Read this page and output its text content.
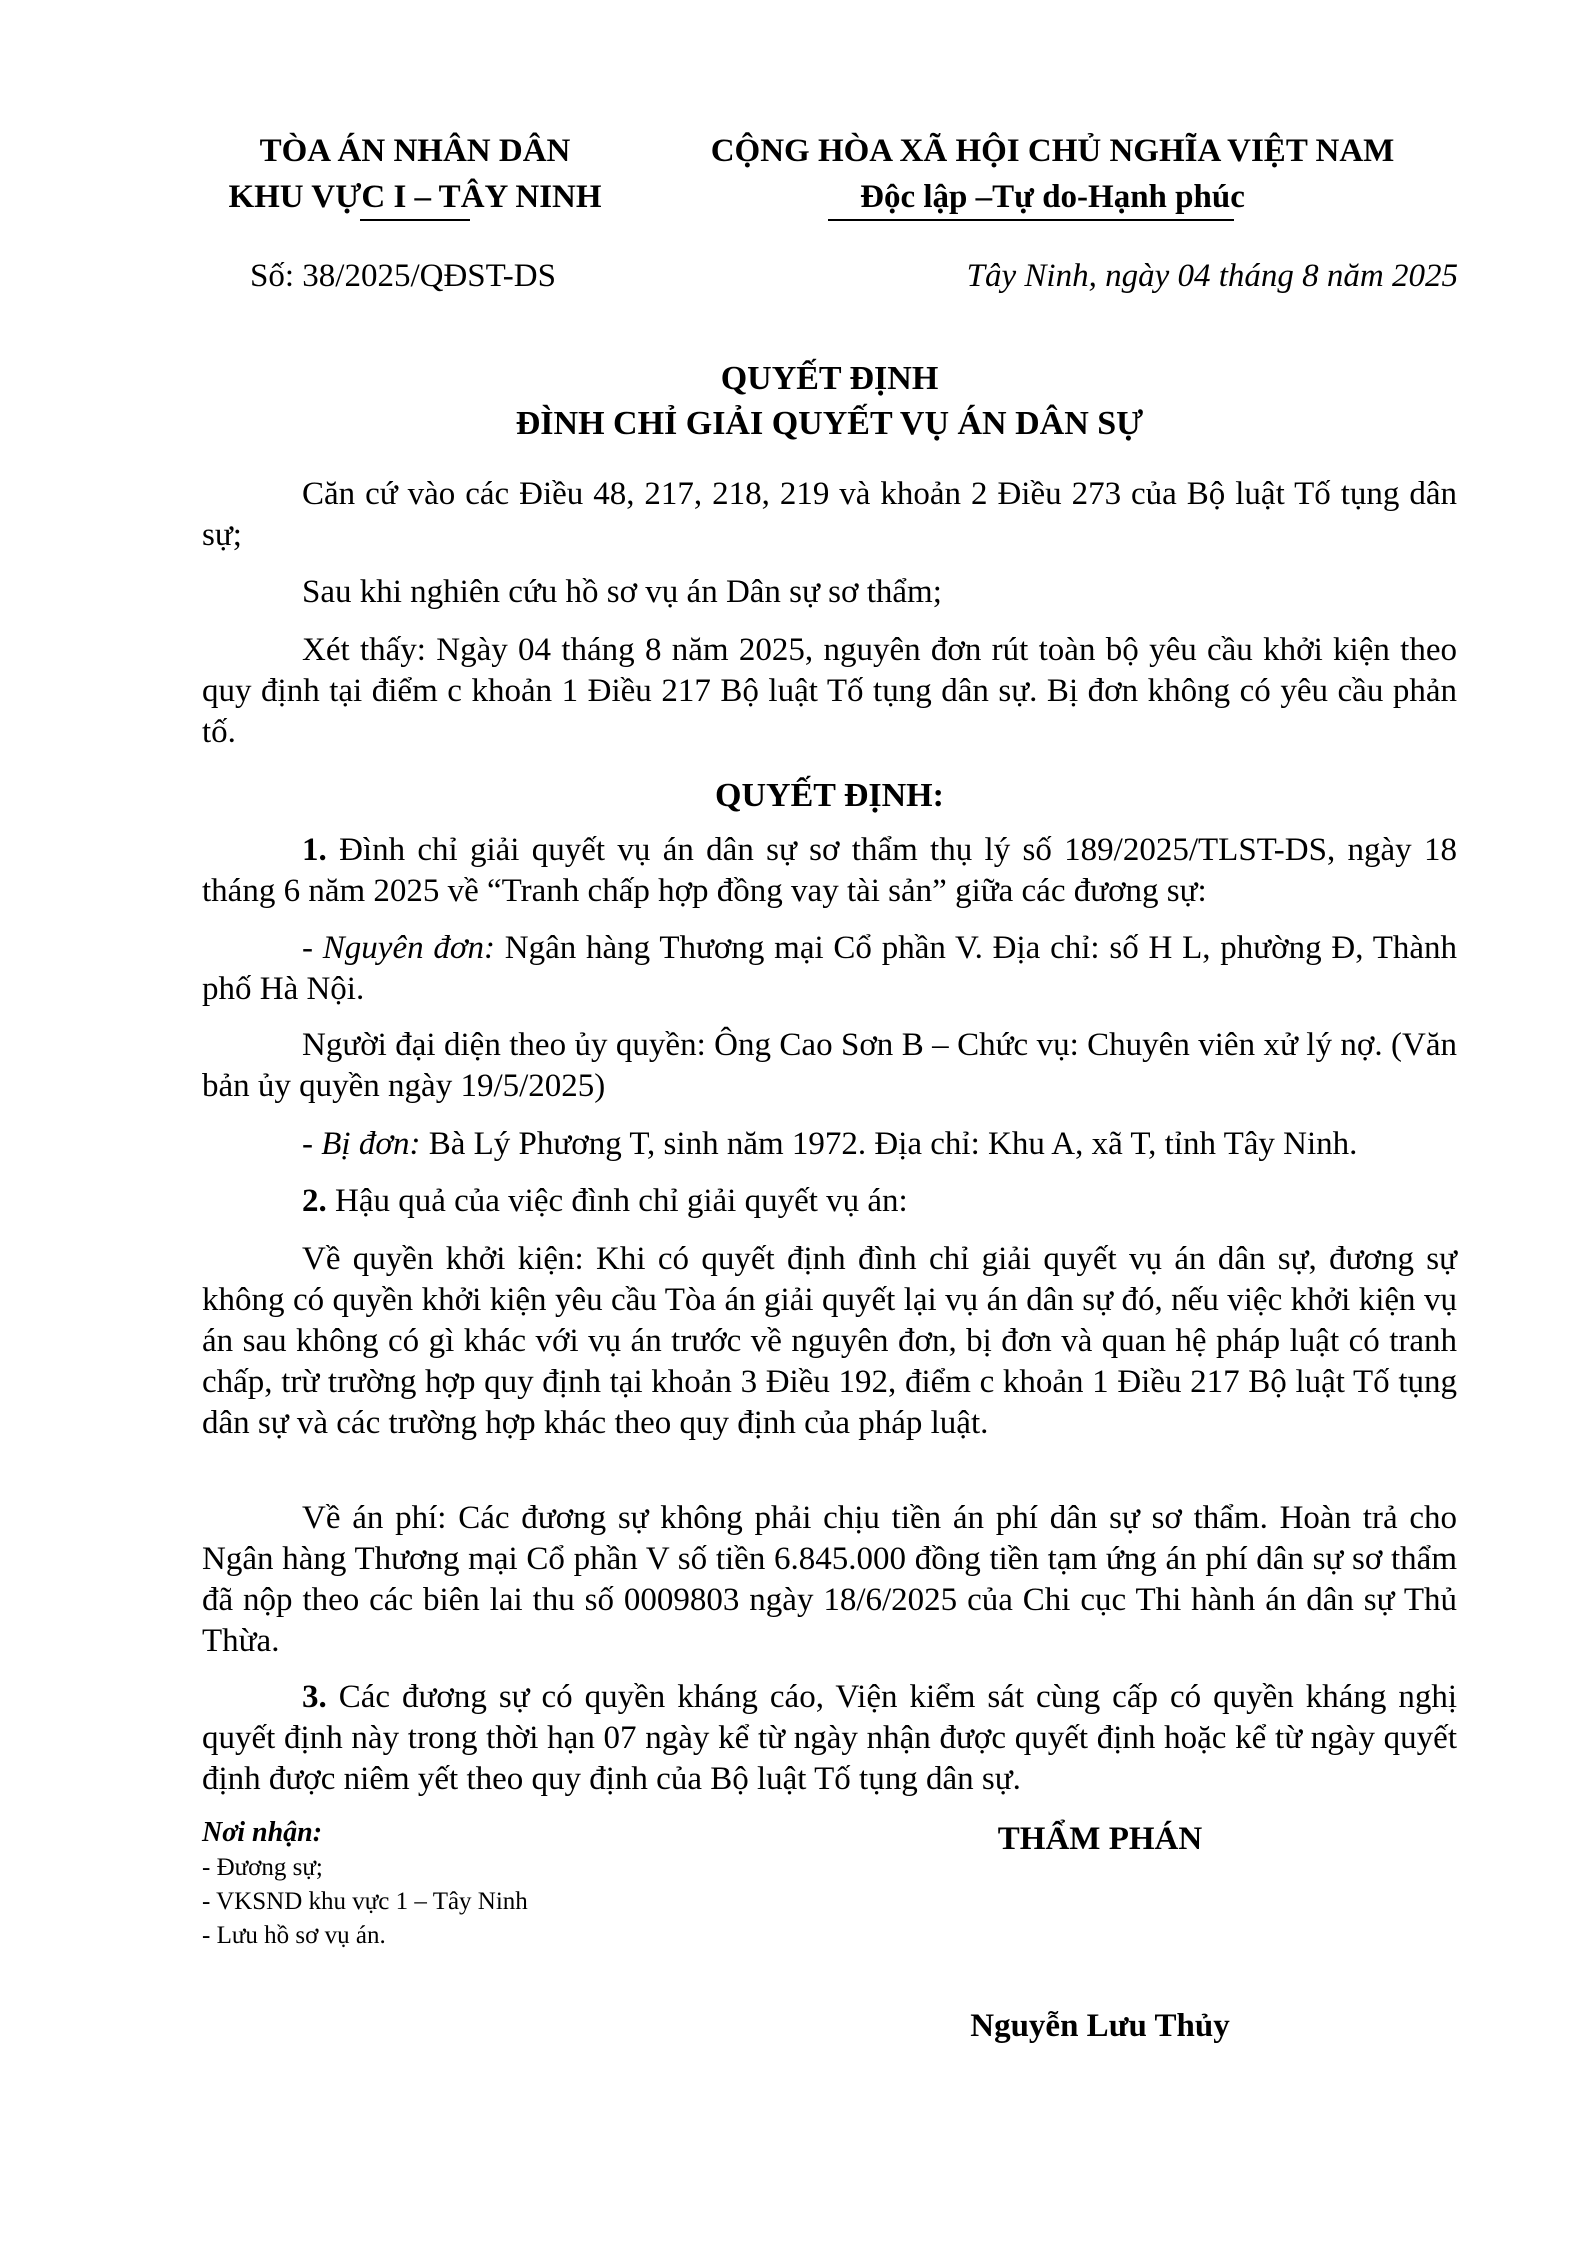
TÒA ÁN NHÂN DÂN
KHU VỰC I – TÂY NINH
CỘNG HÒA XÃ HỘI CHỦ NGHĨA VIỆT NAM
Độc lập –Tự do-Hạnh phúc
Số: 38/2025/QĐST-DS	Tây Ninh, ngày 04 tháng 8 năm 2025
QUYẾT ĐỊNH
ĐÌNH CHỈ GIẢI QUYẾT VỤ ÁN DÂN SỰ
Căn cứ vào các Điều 48, 217, 218, 219 và khoản 2 Điều 273 của Bộ luật Tố tụng dân sự;
Sau khi nghiên cứu hồ sơ vụ án Dân sự sơ thẩm;
Xét thấy: Ngày 04 tháng 8 năm 2025, nguyên đơn rút toàn bộ yêu cầu khởi kiện theo quy định tại điểm c khoản 1 Điều 217 Bộ luật Tố tụng dân sự. Bị đơn không có yêu cầu phản tố.
QUYẾT ĐỊNH:
1. Đình chỉ giải quyết vụ án dân sự sơ thẩm thụ lý số 189/2025/TLST-DS, ngày 18 tháng 6 năm 2025 về “Tranh chấp hợp đồng vay tài sản” giữa các đương sự:
- Nguyên đơn: Ngân hàng Thương mại Cổ phần V. Địa chỉ: số H L, phường Đ, Thành phố Hà Nội.
Người đại diện theo ủy quyền: Ông Cao Sơn B – Chức vụ: Chuyên viên xử lý nợ. (Văn bản ủy quyền ngày 19/5/2025)
- Bị đơn: Bà Lý Phương T, sinh năm 1972. Địa chỉ: Khu A, xã T, tỉnh Tây Ninh.
2. Hậu quả của việc đình chỉ giải quyết vụ án:
Về quyền khởi kiện: Khi có quyết định đình chỉ giải quyết vụ án dân sự, đương sự không có quyền khởi kiện yêu cầu Tòa án giải quyết lại vụ án dân sự đó, nếu việc khởi kiện vụ án sau không có gì khác với vụ án trước về nguyên đơn, bị đơn và quan hệ pháp luật có tranh chấp, trừ trường hợp quy định tại khoản 3 Điều 192, điểm c khoản 1 Điều 217 Bộ luật Tố tụng dân sự và các trường hợp khác theo quy định của pháp luật.
Về án phí: Các đương sự không phải chịu tiền án phí dân sự sơ thẩm. Hoàn trả cho Ngân hàng Thương mại Cổ phần V số tiền 6.845.000 đồng tiền tạm ứng án phí dân sự sơ thẩm đã nộp theo các biên lai thu số 0009803 ngày 18/6/2025 của Chi cục Thi hành án dân sự Thủ Thừa.
3. Các đương sự có quyền kháng cáo, Viện kiểm sát cùng cấp có quyền kháng nghị quyết định này trong thời hạn 07 ngày kể từ ngày nhận được quyết định hoặc kể từ ngày quyết định được niêm yết theo quy định của Bộ luật Tố tụng dân sự.
Nơi nhận:
- Đương sự;
- VKSND khu vực 1 – Tây Ninh
- Lưu hồ sơ vụ án.
THẨM PHÁN
Nguyễn Lưu Thủy
